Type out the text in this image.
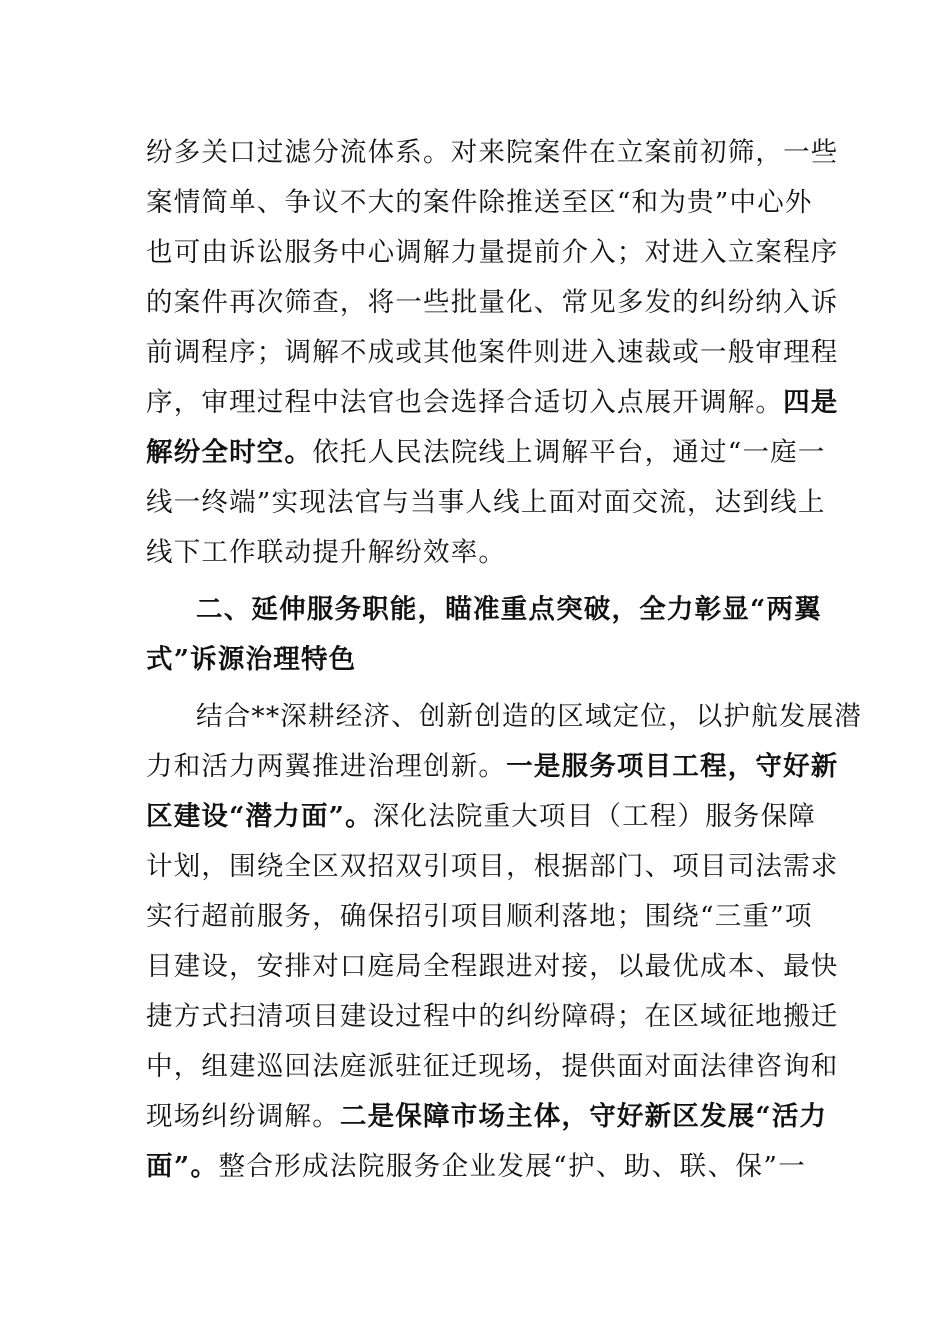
纷多关口过滤分流体系。对来院案件在立案前初筛，一些
案情简单、争议不大的案件除推送至区“和为贵”中心外
也可由诉讼服务中心调解力量提前介入；对进入立案程序
的案件再次筛查，将一些批量化、常见多发的纠纷纳入诉
前调程序；调解不成或其他案件则进入速裁或一般审理程
序，审理过程中法官也会选择合适切入点展开调解。四是
解纷全时空。依托人民法院线上调解平台，通过“一庭一
线一终端”实现法官与当事人线上面对面交流，达到线上
线下工作联动提升解纷效率。
二、延伸服务职能，瞄准重点突破，全力彰显“两翼
式”诉源治理特色
结合**深耕经济、创新创造的区域定位，以护航发展潜
力和活力两翼推进治理创新。一是服务项目工程，守好新
区建设“潜力面”。深化法院重大项目（工程）服务保障
计划，围绕全区双招双引项目，根据部门、项目司法需求
实行超前服务，确保招引项目顺利落地；围绕“三重”项
目建设，安排对口庭局全程跟进对接，以最优成本、最快
捷方式扫清项目建设过程中的纠纷障碍；在区域征地搬迁
中，组建巡回法庭派驻征迁现场，提供面对面法律咨询和
现场纠纷调解。二是保障市场主体，守好新区发展“活力
面”。整合形成法院服务企业发展“护、助、联、保”一
